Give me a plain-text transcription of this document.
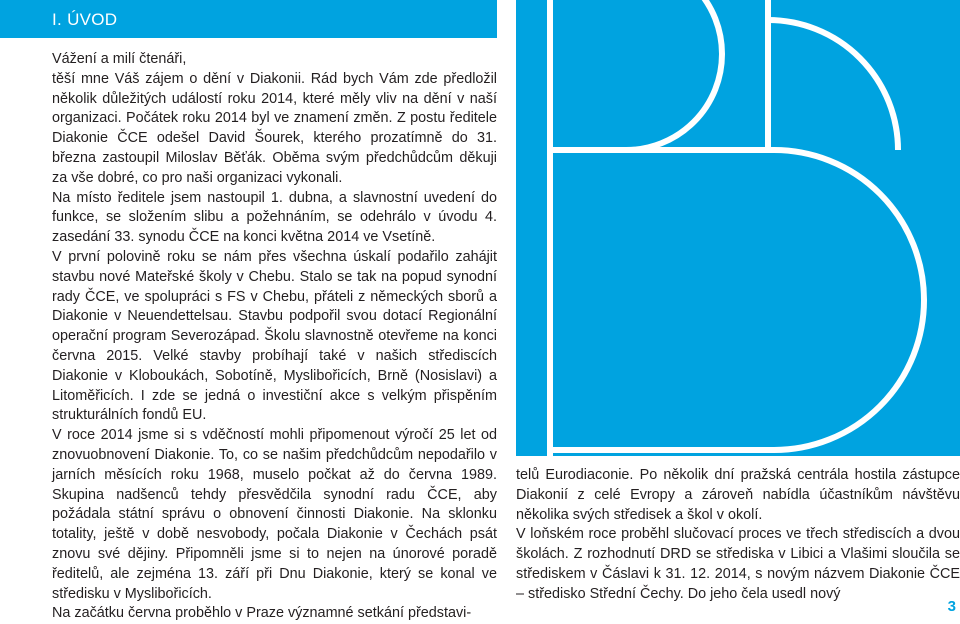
I. ÚVOD

Vážení a milí čtenáři,

těší mne Váš zájem o dění v Diakonii. Rád bych Vám zde předložil několik důležitých událostí roku 2014, které měly vliv na dění v naší organizaci. Počátek roku 2014 byl ve znamení změn. Z postu ředitele Diakonie ČCE odešel David Šourek, kterého prozatímně do 31. března zastoupil Miloslav Běťák. Oběma svým předchůdcům děkuji za vše dobré, co pro naši organizaci vykonali.

Na místo ředitele jsem nastoupil 1. dubna, a slavnostní uvedení do funkce, se složením slibu a požehnáním, se odehrálo v úvodu 4. zasedání 33. synodu ČCE na konci května 2014 ve Vsetíně.

V první polovině roku se nám přes všechna úskalí podařilo zahájit stavbu nové Mateřské školy v Chebu. Stalo se tak na popud synodní rady ČCE, ve spolupráci s FS v Chebu, přáteli z německých sborů a Diakonie v Neuendettelsau. Stavbu podpořil svou dotací Regionální operační program Severozápad. Školu slavnostně otevřeme na konci června 2015. Velké stavby probíhají také v našich střediscích Diakonie v Kloboukách, Sobotíně, Myslibořicích, Brně (Nosislavi) a Litoměřicích. I zde se jedná o investiční akce s velkým přispěním strukturálních fondů EU.

V roce 2014 jsme si s vděčností mohli připomenout výročí 25 let od znovuobnovení Diakonie. To, co se našim předchůdcům nepodařilo v jarních měsících roku 1968, muselo počkat až do června 1989. Skupina nadšenců tehdy přesvědčila synodní radu ČCE, aby požádala státní správu o obnovení činnosti Diakonie. Na sklonku totality, ještě v době nesvobody, počala Diakonie v Čechách psát znovu své dějiny. Připomněli jsme si to nejen na únorové poradě ředitelů, ale zejména 13. září při Dnu Diakonie, který se konal ve středisku v Myslibořicích.

Na začátku června proběhlo v Praze významné setkání představi-

telů Eurodiaconie. Po několik dní pražská centrála hostila zástupce Diakonií z celé Evropy a zároveň nabídla účastníkům návštěvu několika svých středisek a škol v okolí.

V loňském roce proběhl slučovací proces ve třech střediscích a dvou školách. Z rozhodnutí DRD se střediska v Libici a Vlašimi sloučila se střediskem v Čáslavi k 31. 12. 2014, s novým názvem Diakonie ČCE – středisko Střední Čechy. Do jeho čela usedl nový

3
